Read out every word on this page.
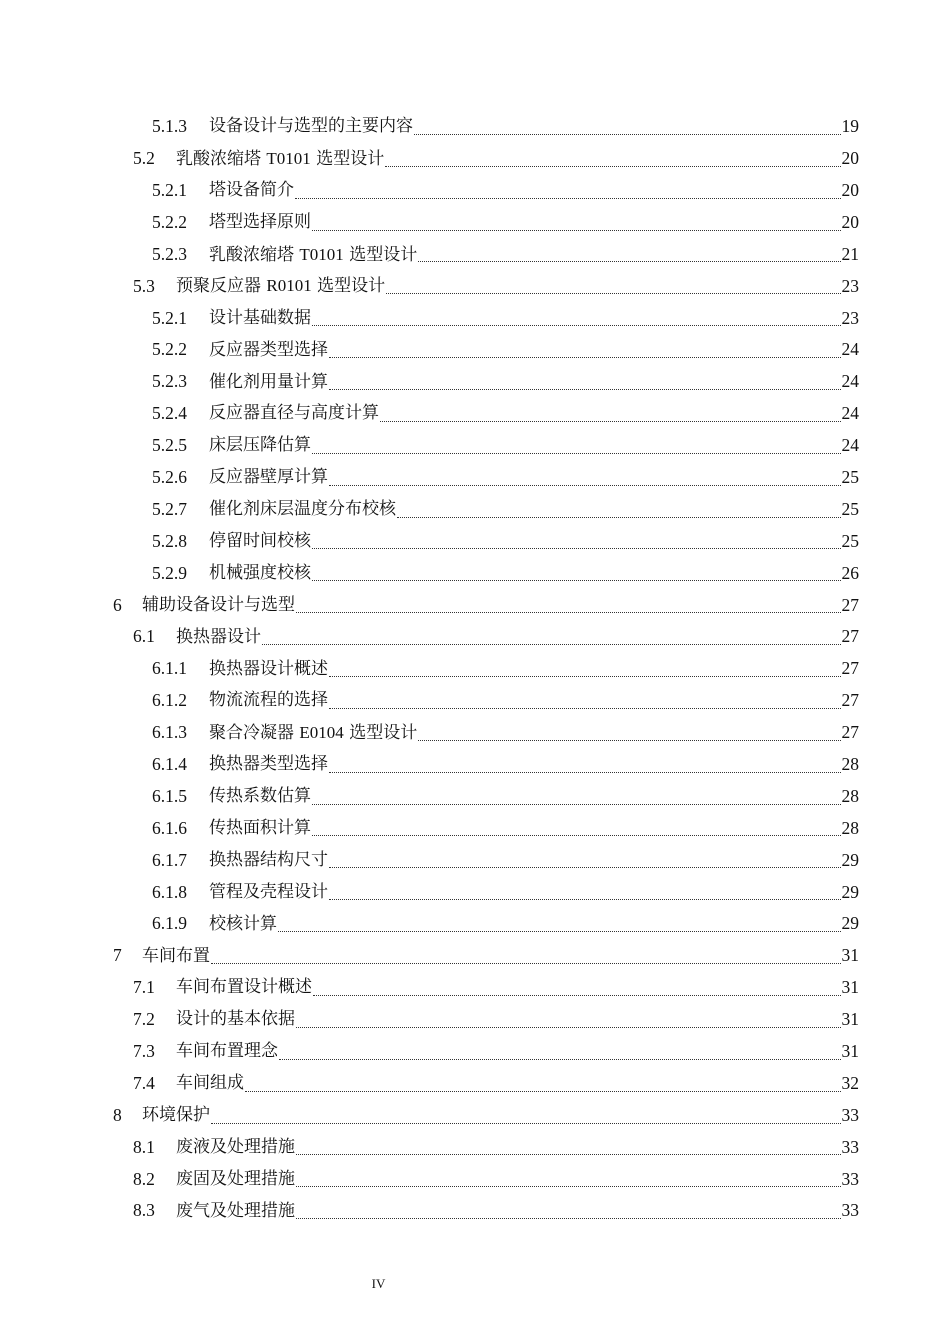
5.1.3	设备设计与选型的主要内容	19
5.2	乳酸浓缩塔 T0101 选型设计	20
5.2.1	塔设备简介	20
5.2.2	塔型选择原则	20
5.2.3	乳酸浓缩塔 T0101 选型设计	21
5.3	预聚反应器 R0101 选型设计	23
5.2.1	设计基础数据	23
5.2.2	反应器类型选择	24
5.2.3	催化剂用量计算	24
5.2.4	反应器直径与高度计算	24
5.2.5	床层压降估算	24
5.2.6	反应器壁厚计算	25
5.2.7	催化剂床层温度分布校核	25
5.2.8	停留时间校核	25
5.2.9	机械强度校核	26
6	辅助设备设计与选型	27
6.1	换热器设计	27
6.1.1	换热器设计概述	27
6.1.2	物流流程的选择	27
6.1.3	聚合冷凝器 E0104 选型设计	27
6.1.4	换热器类型选择	28
6.1.5	传热系数估算	28
6.1.6	传热面积计算	28
6.1.7	换热器结构尺寸	29
6.1.8	管程及壳程设计	29
6.1.9	校核计算	29
7	车间布置	31
7.1	车间布置设计概述	31
7.2	设计的基本依据	31
7.3	车间布置理念	31
7.4	车间组成	32
8	环境保护	33
8.1	废液及处理措施	33
8.2	废固及处理措施	33
8.3	废气及处理措施	33
IV
